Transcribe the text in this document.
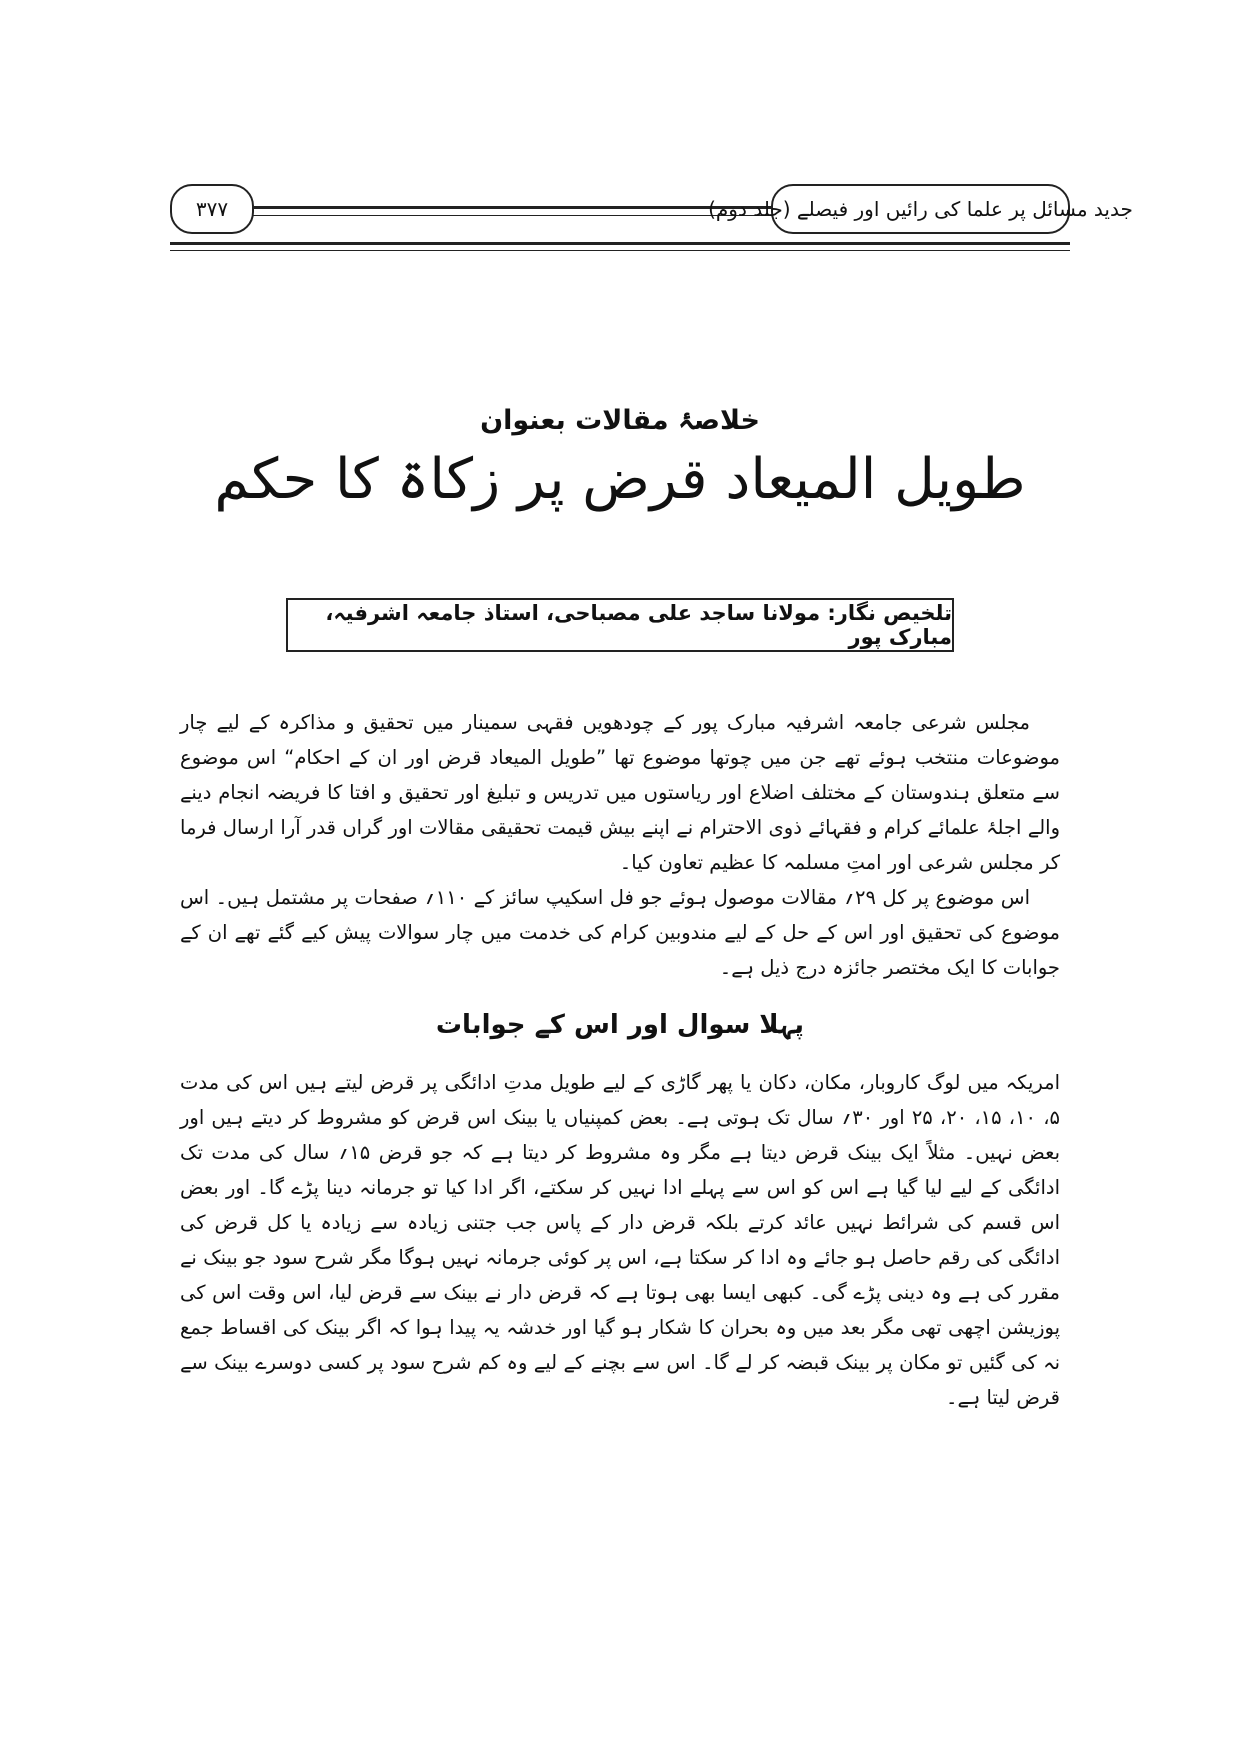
۳۷۷	جدید مسائل پر علما کی رائیں اور فیصلے (جلد دوم)
خلاصۂ مقالات بعنوان
طویل المیعاد قرض پر زکاۃ کا حکم
تلخیص نگار: مولانا ساجد علی مصباحی، استاذ جامعہ اشرفیہ، مبارک پور

مجلس شرعی جامعہ اشرفیہ مبارک پور کے چودھویں فقہی سمینار میں تحقیق و مذاکرہ کے لیے چار موضوعات منتخب ہوئے تھے جن میں چوتھا موضوع تھا ”طویل المیعاد قرض اور ان کے احکام“ اس موضوع سے متعلق ہندوستان کے مختلف اضلاع اور ریاستوں میں تدریس و تبلیغ اور تحقیق و افتا کا فریضہ انجام دینے والے اجلۂ علمائے کرام و فقہائے ذوی الاحترام نے اپنے بیش قیمت تحقیقی مقالات اور گراں قدر آرا ارسال فرما کر مجلس شرعی اور امتِ مسلمہ کا عظیم تعاون کیا۔

اس موضوع پر کل ۲۹؍ مقالات موصول ہوئے جو فل اسکیپ سائز کے ۱۱۰؍ صفحات پر مشتمل ہیں۔ اس موضوع کی تحقیق اور اس کے حل کے لیے مندوبین کرام کی خدمت میں چار سوالات پیش کیے گئے تھے ان کے جوابات کا ایک مختصر جائزہ درج ذیل ہے۔

پہلا سوال اور اس کے جوابات

امریکہ میں لوگ کاروبار، مکان، دکان یا پھر گاڑی کے لیے طویل مدتِ ادائگی پر قرض لیتے ہیں اس کی مدت ۵، ۱۰، ۱۵، ۲۰، ۲۵ اور ۳۰؍ سال تک ہوتی ہے۔ بعض کمپنیاں یا بینک اس قرض کو مشروط کر دیتے ہیں اور بعض نہیں۔ مثلاً ایک بینک قرض دیتا ہے مگر وہ مشروط کر دیتا ہے کہ جو قرض ۱۵؍ سال کی مدت تک ادائگی کے لیے لیا گیا ہے اس کو اس سے پہلے ادا نہیں کر سکتے، اگر ادا کیا تو جرمانہ دینا پڑے گا۔ اور بعض اس قسم کی شرائط نہیں عائد کرتے بلکہ قرض دار کے پاس جب جتنی زیادہ سے زیادہ یا کل قرض کی ادائگی کی رقم حاصل ہو جائے وہ ادا کر سکتا ہے، اس پر کوئی جرمانہ نہیں ہوگا مگر شرح سود جو بینک نے مقرر کی ہے وہ دینی پڑے گی۔ کبھی ایسا بھی ہوتا ہے کہ قرض دار نے بینک سے قرض لیا، اس وقت اس کی پوزیشن اچھی تھی مگر بعد میں وہ بحران کا شکار ہو گیا اور خدشہ یہ پیدا ہوا کہ اگر بینک کی اقساط جمع نہ کی گئیں تو مکان پر بینک قبضہ کر لے گا۔ اس سے بچنے کے لیے وہ کم شرح سود پر کسی دوسرے بینک سے قرض لیتا ہے۔
